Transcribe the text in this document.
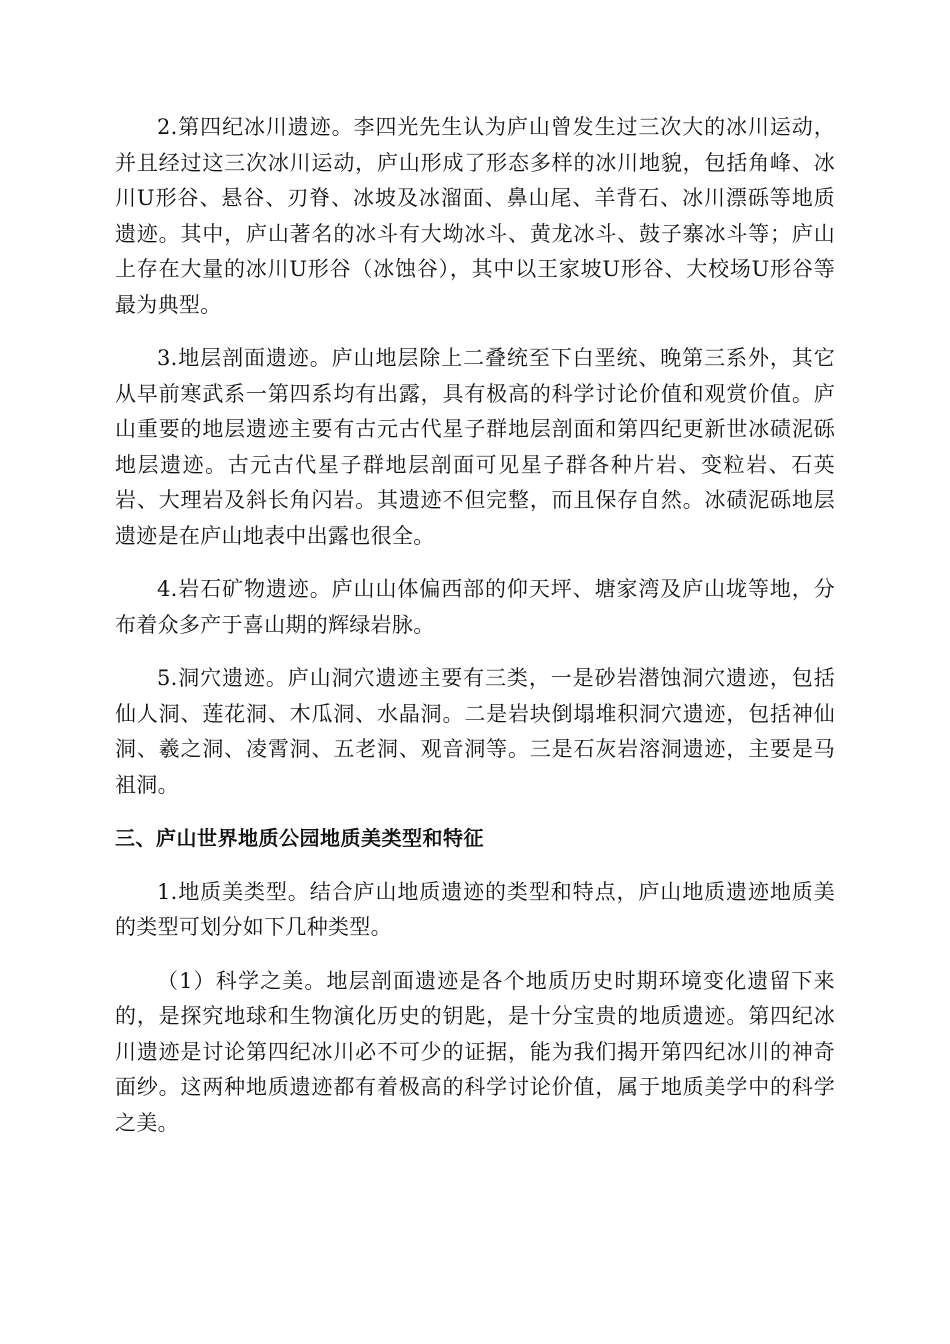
2.第四纪冰川遗迹。李四光先生认为庐山曾发生过三次大的冰川运动，并且经过这三次冰川运动，庐山形成了形态多样的冰川地貌，包括角峰、冰川U形谷、悬谷、刃脊、冰坡及冰溜面、鼻山尾、羊背石、冰川漂砾等地质遗迹。其中，庐山著名的冰斗有大坳冰斗、黄龙冰斗、鼓子寨冰斗等；庐山上存在大量的冰川U形谷（冰蚀谷），其中以王家坡U形谷、大校场U形谷等最为典型。

3.地层剖面遗迹。庐山地层除上二叠统至下白垩统、晚第三系外，其它从早前寒武系一第四系均有出露，具有极高的科学讨论价值和观赏价值。庐山重要的地层遗迹主要有古元古代星子群地层剖面和第四纪更新世冰碛泥砾地层遗迹。古元古代星子群地层剖面可见星子群各种片岩、变粒岩、石英岩、大理岩及斜长角闪岩。其遗迹不但完整，而且保存自然。冰碛泥砾地层遗迹是在庐山地表中出露也很全。

4.岩石矿物遗迹。庐山山体偏西部的仰天坪、塘家湾及庐山垅等地，分布着众多产于喜山期的辉绿岩脉。

5.洞穴遗迹。庐山洞穴遗迹主要有三类，一是砂岩潜蚀洞穴遗迹，包括仙人洞、莲花洞、木瓜洞、水晶洞。二是岩块倒塌堆积洞穴遗迹，包括神仙洞、羲之洞、凌霄洞、五老洞、观音洞等。三是石灰岩溶洞遗迹，主要是马祖洞。

三、庐山世界地质公园地质美类型和特征

1.地质美类型。结合庐山地质遗迹的类型和特点，庐山地质遗迹地质美的类型可划分如下几种类型。

（1）科学之美。地层剖面遗迹是各个地质历史时期环境变化遗留下来的，是探究地球和生物演化历史的钥匙，是十分宝贵的地质遗迹。第四纪冰川遗迹是讨论第四纪冰川必不可少的证据，能为我们揭开第四纪冰川的神奇面纱。这两种地质遗迹都有着极高的科学讨论价值，属于地质美学中的科学之美。
